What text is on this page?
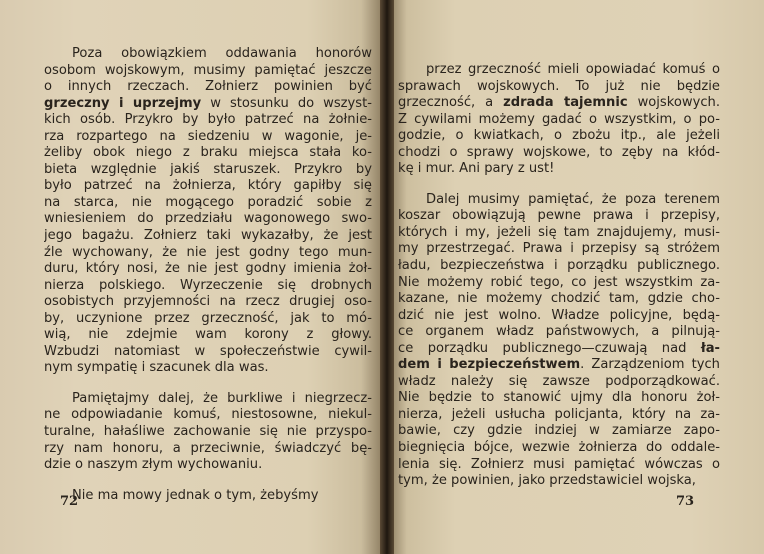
Poza obowiązkiem oddawania honorów
osobom wojskowym, musimy pamiętać jeszcze
o innych rzeczach. Żołnierz powinien być
grzeczny i uprzejmy w stosunku do wszyst-
kich osób. Przykro by było patrzeć na żołnie-
rza rozpartego na siedzeniu w wagonie, je-
żeliby obok niego z braku miejsca stała ko-
bieta względnie jakiś staruszek. Przykro by
było patrzeć na żołnierza, który gapiłby się
na starca, nie mogącego poradzić sobie z
wniesieniem do przedziału wagonowego swo-
jego bagażu. Żołnierz taki wykazałby, że jest
źle wychowany, że nie jest godny tego mun-
duru, który nosi, że nie jest godny imienia żoł-
nierza polskiego. Wyrzeczenie się drobnych
osobistych przyjemności na rzecz drugiej oso-
by, uczynione przez grzeczność, jak to mó-
wią, nie zdejmie wam korony z głowy.
Wzbudzi natomiast w społeczeństwie cywil-
nym sympatię i szacunek dla was.
Pamiętajmy dalej, że burkliwe i niegrzecz-
ne odpowiadanie komuś, niestosowne, niekul-
turalne, hałaśliwe zachowanie się nie przyspo-
rzy nam honoru, a przeciwnie, świadczyć bę-
dzie o naszym złym wychowaniu.
Nie ma mowy jednak o tym, żebyśmy
przez grzeczność mieli opowiadać komuś o
sprawach wojskowych. To już nie będzie
grzeczność, a zdrada tajemnic wojskowych.
Z cywilami możemy gadać o wszystkim, o po-
godzie, o kwiatkach, o zbożu itp., ale jeżeli
chodzi o sprawy wojskowe, to zęby na kłód-
kę i mur. Ani pary z ust!
Dalej musimy pamiętać, że poza terenem
koszar obowiązują pewne prawa i przepisy,
których i my, jeżeli się tam znajdujemy, musi-
my przestrzegać. Prawa i przepisy są stróżem
ładu, bezpieczeństwa i porządku publicznego.
Nie możemy robić tego, co jest wszystkim za-
kazane, nie możemy chodzić tam, gdzie cho-
dzić nie jest wolno. Władze policyjne, będą-
ce organem władz państwowych, a pilnują-
ce porządku publicznego—czuwają nad ła-
dem i bezpieczeństwem. Zarządzeniom tych
władz należy się zawsze podporządkować.
Nie będzie to stanowić ujmy dla honoru żoł-
nierza, jeżeli usłucha policjanta, który na za-
bawie, czy gdzie indziej w zamiarze zapo-
biegnięcia bójce, wezwie żołnierza do oddale-
lenia się. Żołnierz musi pamiętać wówczas o
tym, że powinien, jako przedstawiciel wojska,
72	73
